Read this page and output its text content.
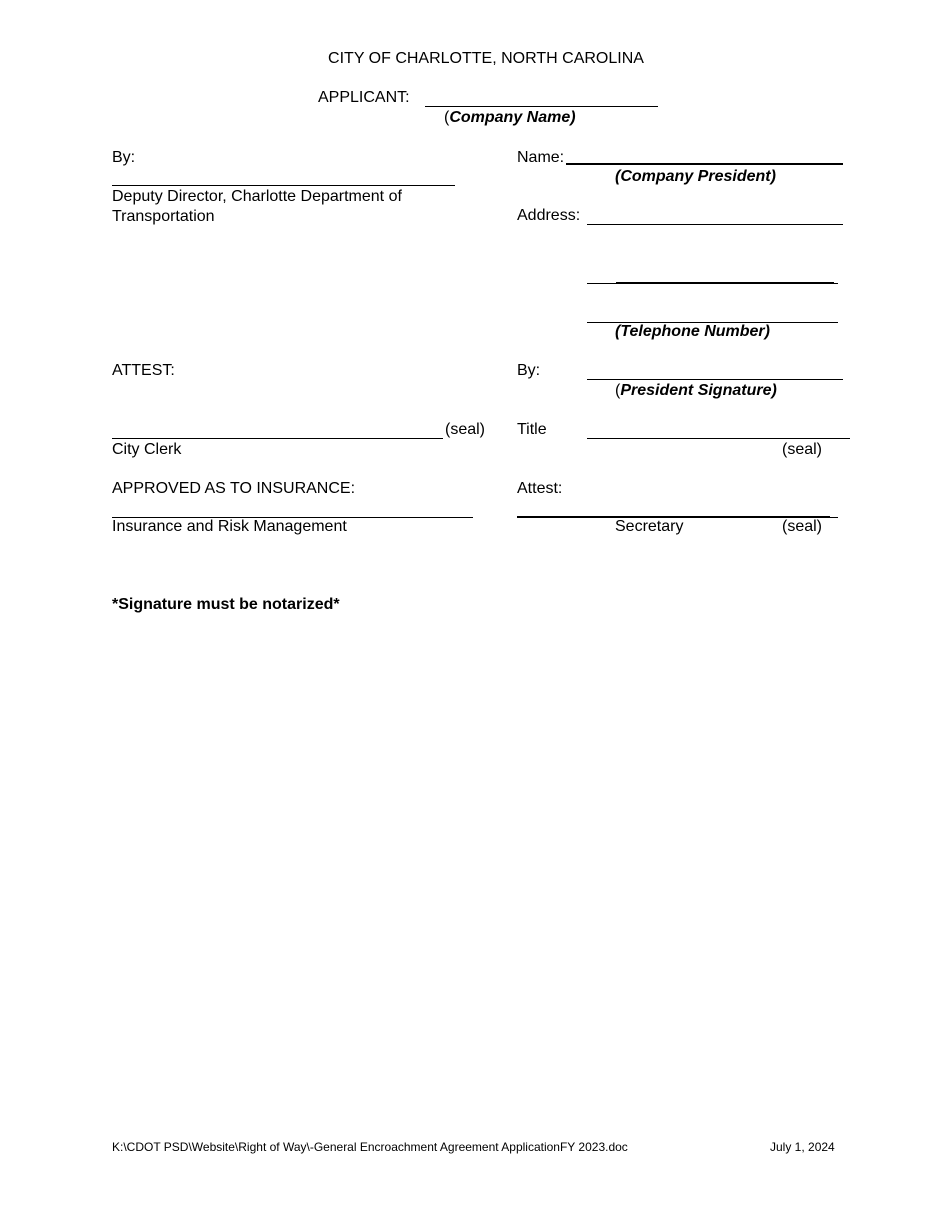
CITY OF CHARLOTTE, NORTH CAROLINA
APPLICANT:
(Company Name)
By:
Deputy Director, Charlotte Department of
Transportation
Name:
(Company President)
Address:
(Telephone Number)
ATTEST:	By:
(President Signature)
(seal)
City Clerk
Title
(seal)
APPROVED AS TO INSURANCE:
Insurance and Risk Management
Attest:
Secretary	(seal)
*Signature must be notarized*
K:\CDOT PSD\Website\Right of Way\-General Encroachment Agreement ApplicationFY 2023.doc	July 1, 2024
